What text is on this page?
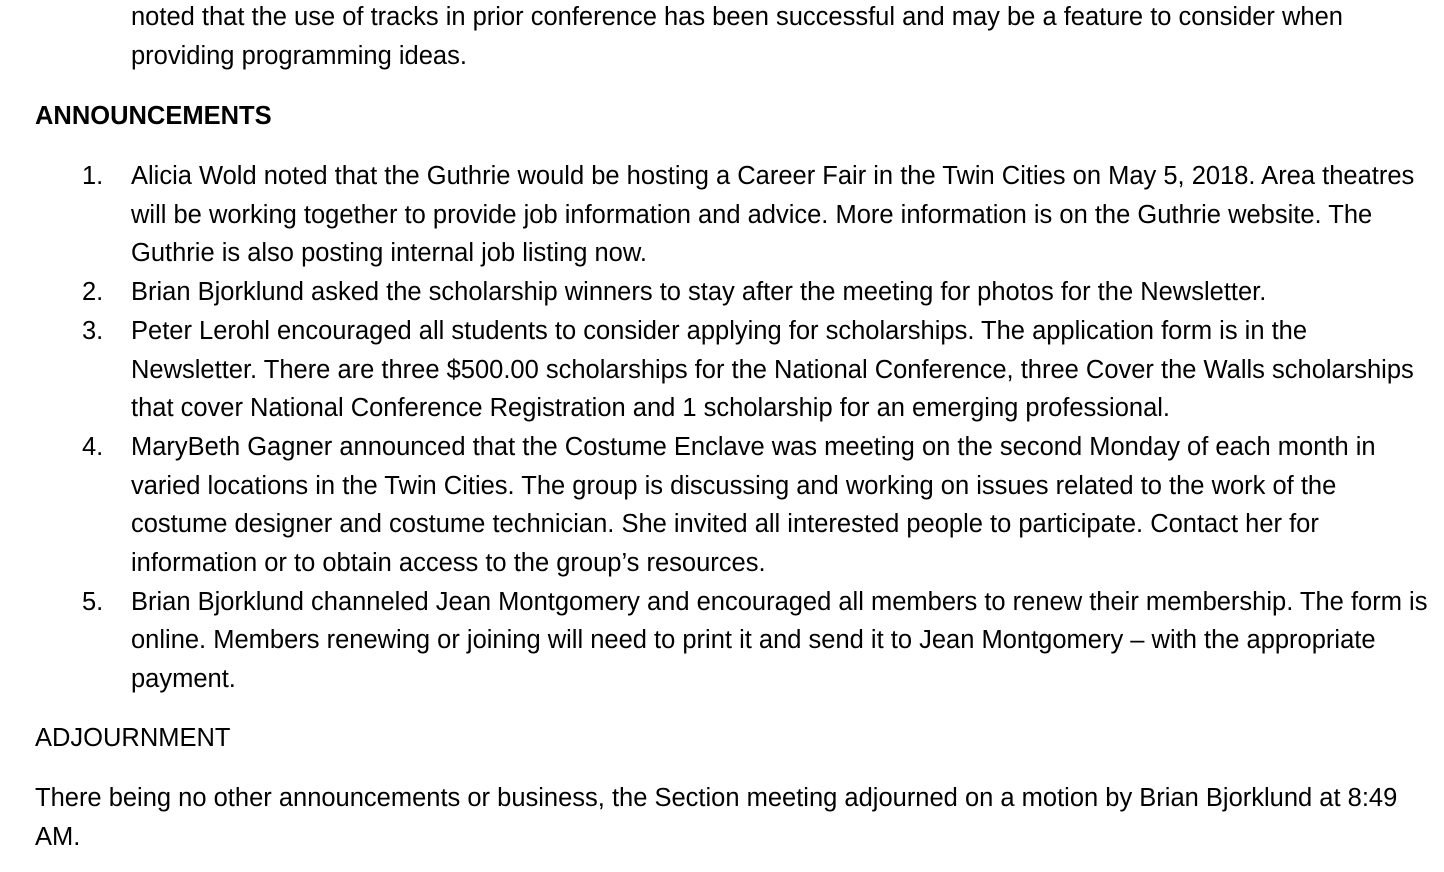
noted that the use of tracks in prior conference has been successful and may be a feature to consider when providing programming ideas.

ANNOUNCEMENTS
1. Alicia Wold noted that the Guthrie would be hosting a Career Fair in the Twin Cities on May 5, 2018. Area theatres will be working together to provide job information and advice. More information is on the Guthrie website. The Guthrie is also posting internal job listing now.
2. Brian Bjorklund asked the scholarship winners to stay after the meeting for photos for the Newsletter.
3. Peter Lerohl encouraged all students to consider applying for scholarships. The application form is in the Newsletter. There are three $500.00 scholarships for the National Conference, three Cover the Walls scholarships that cover National Conference Registration and 1 scholarship for an emerging professional.
4. MaryBeth Gagner announced that the Costume Enclave was meeting on the second Monday of each month in varied locations in the Twin Cities. The group is discussing and working on issues related to the work of the costume designer and costume technician. She invited all interested people to participate. Contact her for information or to obtain access to the group’s resources.
5. Brian Bjorklund channeled Jean Montgomery and encouraged all members to renew their membership. The form is online. Members renewing or joining will need to print it and send it to Jean Montgomery – with the appropriate payment.
ADJOURNMENT

There being no other announcements or business, the Section meeting adjourned on a motion by Brian Bjorklund at 8:49 AM.
